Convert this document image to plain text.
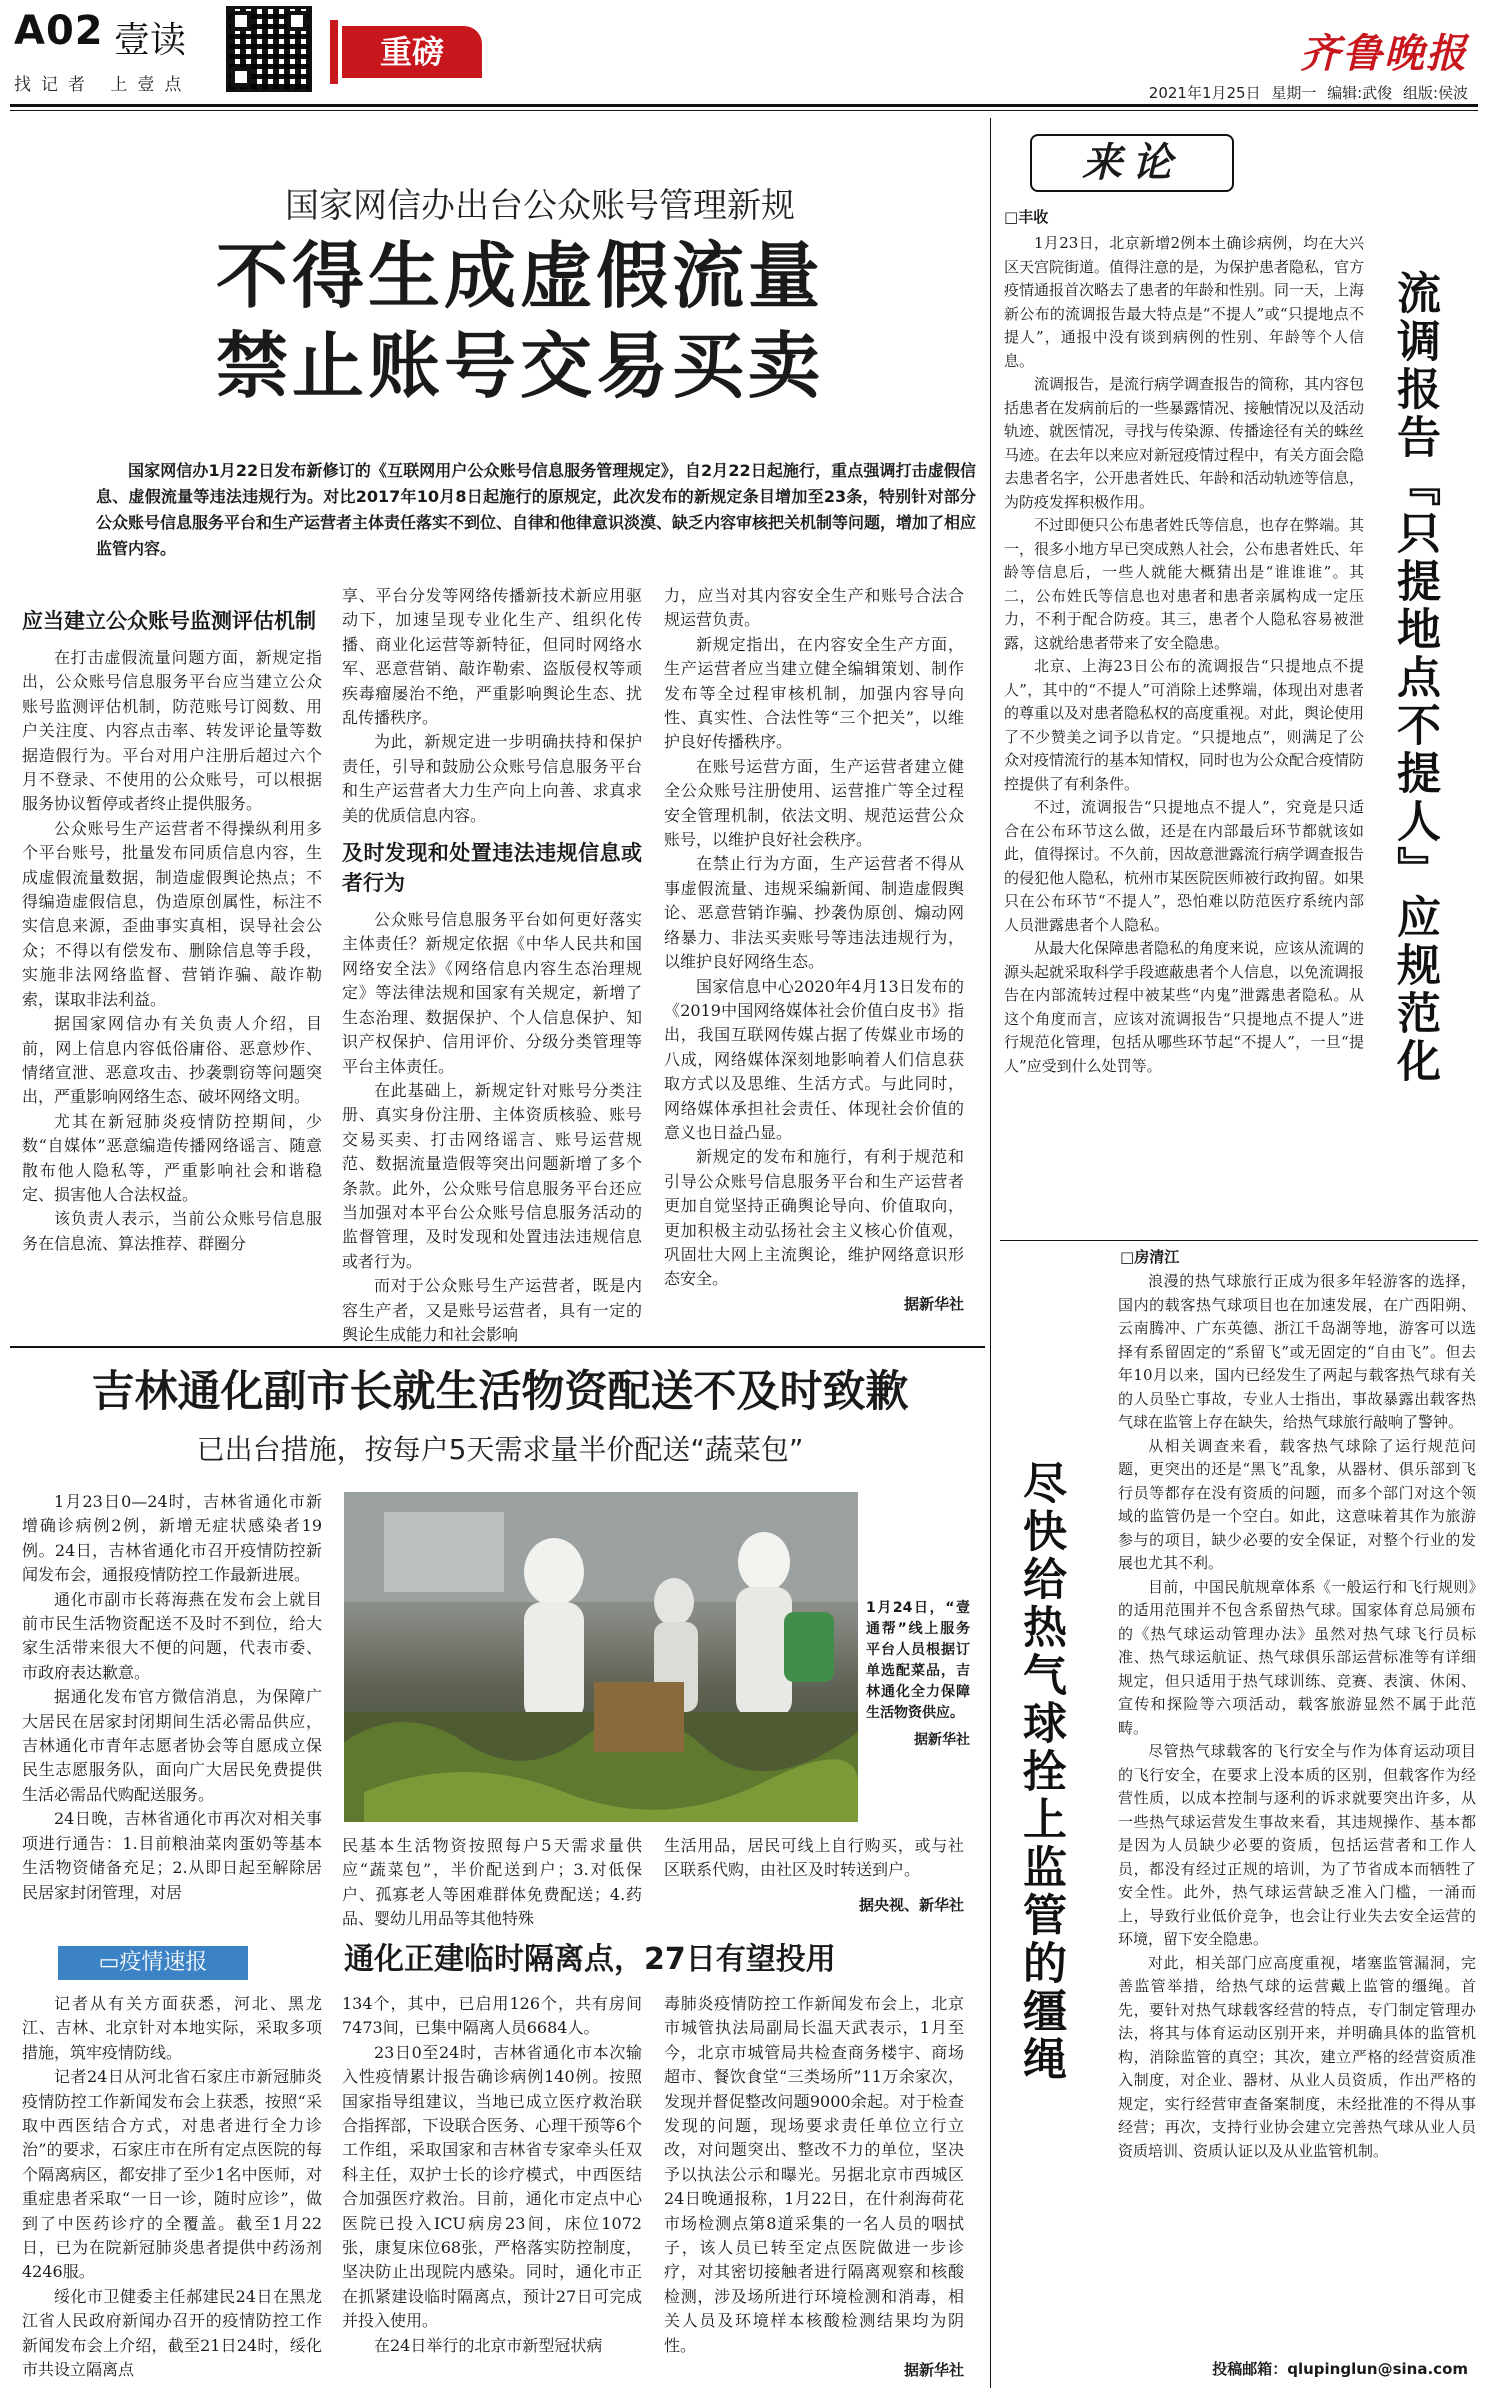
A02 壹读
找记者 上壹点
重磅	齐鲁晚报
2021年1月25日 星期一 编辑:武俊 组版:侯波
国家网信办出台公众账号管理新规
不得生成虚假流量
禁止账号交易买卖
国家网信办1月22日发布新修订的《互联网用户公众账号信息服务管理规定》，自2月22日起施行，重点强调打击虚假信息、虚假流量等违法违规行为。对比2017年10月8日起施行的原规定，此次发布的新规定条目增加至23条，特别针对部分公众账号信息服务平台和生产运营者主体责任落实不到位、自律和他律意识淡漠、缺乏内容审核把关机制等问题，增加了相应监管内容。
应当建立公众账号监测评估机制

在打击虚假流量问题方面，新规定指出，公众账号信息服务平台应当建立公众账号监测评估机制，防范账号订阅数、用户关注度、内容点击率、转发评论量等数据造假行为。平台对用户注册后超过六个月不登录、不使用的公众账号，可以根据服务协议暂停或者终止提供服务。

公众账号生产运营者不得操纵利用多个平台账号，批量发布同质信息内容，生成虚假流量数据，制造虚假舆论热点；不得编造虚假信息，伪造原创属性，标注不实信息来源，歪曲事实真相，误导社会公众；不得以有偿发布、删除信息等手段，实施非法网络监督、营销诈骗、敲诈勒索，谋取非法利益。

据国家网信办有关负责人介绍，目前，网上信息内容低俗庸俗、恶意炒作、情绪宣泄、恶意攻击、抄袭剽窃等问题突出，严重影响网络生态、破坏网络文明。

尤其在新冠肺炎疫情防控期间，少数“自媒体”恶意编造传播网络谣言、随意散布他人隐私等，严重影响社会和谐稳定、损害他人合法权益。

该负责人表示，当前公众账号信息服务在信息流、算法推荐、群圈分

享、平台分发等网络传播新技术新应用驱动下，加速呈现专业化生产、组织化传播、商业化运营等新特征，但同时网络水军、恶意营销、敲诈勒索、盗版侵权等顽疾毒瘤屡治不绝，严重影响舆论生态、扰乱传播秩序。

为此，新规定进一步明确扶持和保护责任，引导和鼓励公众账号信息服务平台和生产运营者大力生产向上向善、求真求美的优质信息内容。

及时发现和处置违法违规信息或者行为

公众账号信息服务平台如何更好落实主体责任？新规定依据《中华人民共和国网络安全法》《网络信息内容生态治理规定》等法律法规和国家有关规定，新增了生态治理、数据保护、个人信息保护、知识产权保护、信用评价、分级分类管理等平台主体责任。

在此基础上，新规定针对账号分类注册、真实身份注册、主体资质核验、账号交易买卖、打击网络谣言、账号运营规范、数据流量造假等突出问题新增了多个条款。此外，公众账号信息服务平台还应当加强对本平台公众账号信息服务活动的监督管理，及时发现和处置违法违规信息或者行为。

而对于公众账号生产运营者，既是内容生产者，又是账号运营者，具有一定的舆论生成能力和社会影响

力，应当对其内容安全生产和账号合法合规运营负责。

新规定指出，在内容安全生产方面，生产运营者应当建立健全编辑策划、制作发布等全过程审核机制，加强内容导向性、真实性、合法性等“三个把关”，以维护良好传播秩序。

在账号运营方面，生产运营者建立健全公众账号注册使用、运营推广等全过程安全管理机制，依法文明、规范运营公众账号，以维护良好社会秩序。

在禁止行为方面，生产运营者不得从事虚假流量、违规采编新闻、制造虚假舆论、恶意营销诈骗、抄袭伪原创、煽动网络暴力、非法买卖账号等违法违规行为，以维护良好网络生态。

国家信息中心2020年4月13日发布的《2019中国网络媒体社会价值白皮书》指出，我国互联网传媒占据了传媒业市场的八成，网络媒体深刻地影响着人们信息获取方式以及思维、生活方式。与此同时，网络媒体承担社会责任、体现社会价值的意义也日益凸显。

新规定的发布和施行，有利于规范和引导公众账号信息服务平台和生产运营者更加自觉坚持正确舆论导向、价值取向，更加积极主动弘扬社会主义核心价值观，巩固壮大网上主流舆论，维护网络意识形态安全。

据新华社
吉林通化副市长就生活物资配送不及时致歉
已出台措施，按每户5天需求量半价配送“蔬菜包”

1月23日0—24时，吉林省通化市新增确诊病例2例，新增无症状感染者19例。24日，吉林省通化市召开疫情防控新闻发布会，通报疫情防控工作最新进展。

通化市副市长蒋海燕在发布会上就目前市民生活物资配送不及时不到位，给大家生活带来很大不便的问题，代表市委、市政府表达歉意。

据通化发布官方微信消息，为保障广大居民在居家封闭期间生活必需品供应，吉林通化市青年志愿者协会等自愿成立保民生志愿服务队，面向广大居民免费提供生活必需品代购配送服务。

24日晚，吉林省通化市再次对相关事项进行通告：1.目前粮油菜肉蛋奶等基本生活物资储备充足；2.从即日起至解除居民居家封闭管理，对居

1月24日，“壹通帮”线上服务平台人员根据订单选配菜品，吉林通化全力保障生活物资供应。
据新华社

民基本生活物资按照每户5天需求量供应“蔬菜包”，半价配送到户；3.对低保户、孤寡老人等困难群体免费配送；4.药品、婴幼儿用品等其他特殊

生活用品，居民可线上自行购买，或与社区联系代购，由社区及时转送到户。

据央视、新华社
▭疫情速报	通化正建临时隔离点，27日有望投用

记者从有关方面获悉，河北、黑龙江、吉林、北京针对本地实际，采取多项措施，筑牢疫情防线。

记者24日从河北省石家庄市新冠肺炎疫情防控工作新闻发布会上获悉，按照“采取中西医结合方式，对患者进行全力诊治”的要求，石家庄市在所有定点医院的每个隔离病区，都安排了至少1名中医师，对重症患者采取“一日一诊，随时应诊”，做到了中医药诊疗的全覆盖。截至1月22日，已为在院新冠肺炎患者提供中药汤剂4246服。

绥化市卫健委主任郝建民24日在黑龙江省人民政府新闻办召开的疫情防控工作新闻发布会上介绍，截至21日24时，绥化市共设立隔离点

134个，其中，已启用126个，共有房间7473间，已集中隔离人员6684人。

23日0至24时，吉林省通化市本次输入性疫情累计报告确诊病例140例。按照国家指导组建议，当地已成立医疗救治联合指挥部，下设联合医务、心理干预等6个工作组，采取国家和吉林省专家牵头任双科主任，双护士长的诊疗模式，中西医结合加强医疗救治。目前，通化市定点中心医院已投入ICU病房23间，床位1072张，康复床位68张，严格落实防控制度，坚决防止出现院内感染。同时，通化市正在抓紧建设临时隔离点，预计27日可完成并投入使用。

在24日举行的北京市新型冠状病

毒肺炎疫情防控工作新闻发布会上，北京市城管执法局副局长温天武表示，1月至今，北京市城管局共检查商务楼宇、商场超市、餐饮食堂“三类场所”11万余家次，发现并督促整改问题9000余起。对于检查发现的问题，现场要求责任单位立行立改，对问题突出、整改不力的单位，坚决予以执法公示和曝光。另据北京市西城区24日晚通报称，1月22日，在什刹海荷花市场检测点第8道采集的一名人员的咽拭子，该人员已转至定点医院做进一步诊疗，对其密切接触者进行隔离观察和核酸检测，涉及场所进行环境检测和消毒，相关人员及环境样本核酸检测结果均为阴性。

据新华社
来论
□丰收

1月23日，北京新增2例本土确诊病例，均在大兴区天宫院街道。值得注意的是，为保护患者隐私，官方疫情通报首次略去了患者的年龄和性别。同一天，上海新公布的流调报告最大特点是“不提人”或“只提地点不提人”，通报中没有谈到病例的性别、年龄等个人信息。

流调报告，是流行病学调查报告的简称，其内容包括患者在发病前后的一些暴露情况、接触情况以及活动轨迹、就医情况，寻找与传染源、传播途径有关的蛛丝马迹。在去年以来应对新冠疫情过程中，有关方面会隐去患者名字，公开患者姓氏、年龄和活动轨迹等信息，为防疫发挥积极作用。

不过即便只公布患者姓氏等信息，也存在弊端。其一，很多小地方早已突成熟人社会，公布患者姓氏、年龄等信息后，一些人就能大概猜出是“谁谁谁”。其二，公布姓氏等信息也对患者和患者亲属构成一定压力，不利于配合防疫。其三，患者个人隐私容易被泄露，这就给患者带来了安全隐患。

北京、上海23日公布的流调报告“只提地点不提人”，其中的“不提人”可消除上述弊端，体现出对患者的尊重以及对患者隐私权的高度重视。对此，舆论使用了不少赞美之词予以肯定。“只提地点”，则满足了公众对疫情流行的基本知情权，同时也为公众配合疫情防控提供了有利条件。

不过，流调报告“只提地点不提人”，究竟是只适合在公布环节这么做，还是在内部最后环节都就该如此，值得探讨。不久前，因故意泄露流行病学调查报告的侵犯他人隐私，杭州市某医院医师被行政拘留。如果只在公布环节“不提人”，恐怕难以防范医疗系统内部人员泄露患者个人隐私。

从最大化保障患者隐私的角度来说，应该从流调的源头起就采取科学手段遮蔽患者个人信息，以免流调报告在内部流转过程中被某些“内鬼”泄露患者隐私。从这个角度而言，应该对流调报告“只提地点不提人”进行规范化管理，包括从哪些环节起“不提人”，一旦“提人”应受到什么处罚等。	流调报告『只提地点不提人』应规范化
□房清江
尽快给热气球拴上监管的缰绳

浪漫的热气球旅行正成为很多年轻游客的选择，国内的载客热气球项目也在加速发展，在广西阳朔、云南腾冲、广东英德、浙江千岛湖等地，游客可以选择有系留固定的“系留飞”或无固定的“自由飞”。但去年10月以来，国内已经发生了两起与载客热气球有关的人员坠亡事故，专业人士指出，事故暴露出载客热气球在监管上存在缺失，给热气球旅行敲响了警钟。

从相关调查来看，载客热气球除了运行规范问题，更突出的还是“黑飞”乱象，从器材、俱乐部到飞行员等都存在没有资质的问题，而多个部门对这个领域的监管仍是一个空白。如此，这意味着其作为旅游参与的项目，缺少必要的安全保证，对整个行业的发展也尤其不利。

目前，中国民航规章体系《一般运行和飞行规则》的适用范围并不包含系留热气球。国家体育总局颁布的《热气球运动管理办法》虽然对热气球飞行员标准、热气球运航证、热气球俱乐部运营标准等有详细规定，但只适用于热气球训练、竞赛、表演、休闲、宣传和探险等六项活动，载客旅游显然不属于此范畴。

尽管热气球载客的飞行安全与作为体育运动项目的飞行安全，在要求上没本质的区别，但载客作为经营性质，以成本控制与逐利的诉求就要突出许多，从一些热气球运营发生事故来看，其违规操作、基本都是因为人员缺少必要的资质，包括运营者和工作人员，都没有经过正规的培训，为了节省成本而牺牲了安全性。此外，热气球运营缺乏准入门槛，一涌而上，导致行业低价竞争，也会让行业失去安全运营的环境，留下安全隐患。

对此，相关部门应高度重视，堵塞监管漏洞，完善监管举措，给热气球的运营戴上监管的缰绳。首先，要针对热气球载客经营的特点，专门制定管理办法，将其与体育运动区别开来，并明确具体的监管机构，消除监管的真空；其次，建立严格的经营资质准入制度，对企业、器材、从业人员资质，作出严格的规定，实行经营审查备案制度，未经批准的不得从事经营；再次，支持行业协会建立完善热气球从业人员资质培训、资质认证以及从业监管机制。

投稿邮箱：qlupinglun@sina.com
